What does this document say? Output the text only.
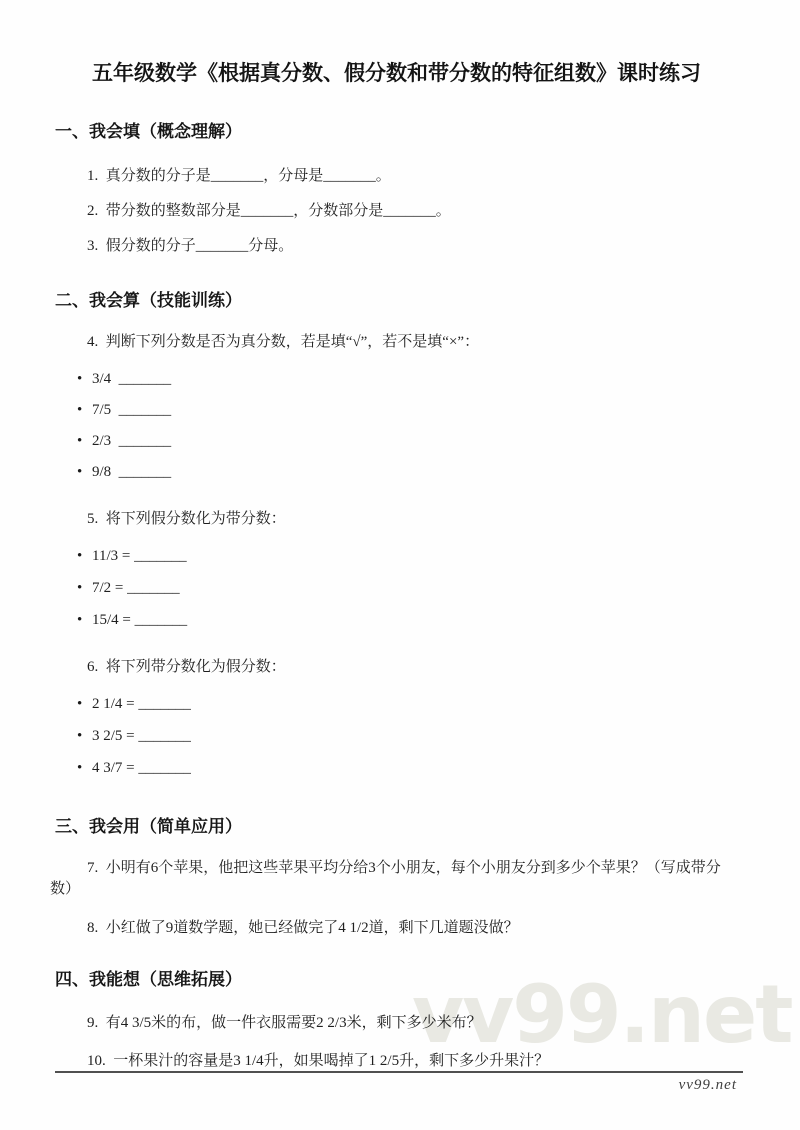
vv99.net
五年级数学《根据真分数、假分数和带分数的特征组数》课时练习
一、我会填（概念理解）

1.  真分数的分子是_______，分母是_______。

2.  带分数的整数部分是_______，分数部分是_______。

3.  假分数的分子_______分母。

二、我会算（技能训练）

4.  判断下列分数是否为真分数，若是填“√”，若不是填“×”：

• 3/4  _______

• 7/5  _______

• 2/3  _______

• 9/8  _______

5.  将下列假分数化为带分数：

• 11/3 = _______

• 7/2 = _______

• 15/4 = _______

6.  将下列带分数化为假分数：

• 2 1/4 = _______

• 3 2/5 = _______

• 4 3/7 = _______

三、我会用（简单应用）

7.  小明有6个苹果，他把这些苹果平均分给3个小朋友，每个小朋友分到多少个苹果？（写成带分数）

8.  小红做了9道数学题，她已经做完了4 1/2道，剩下几道题没做？

四、我能想（思维拓展）

9.  有4 3/5米的布，做一件衣服需要2 2/3米，剩下多少米布？

10.  一杯果汁的容量是3 1/4升，如果喝掉了1 2/5升，剩下多少升果汁？

vv99.net
